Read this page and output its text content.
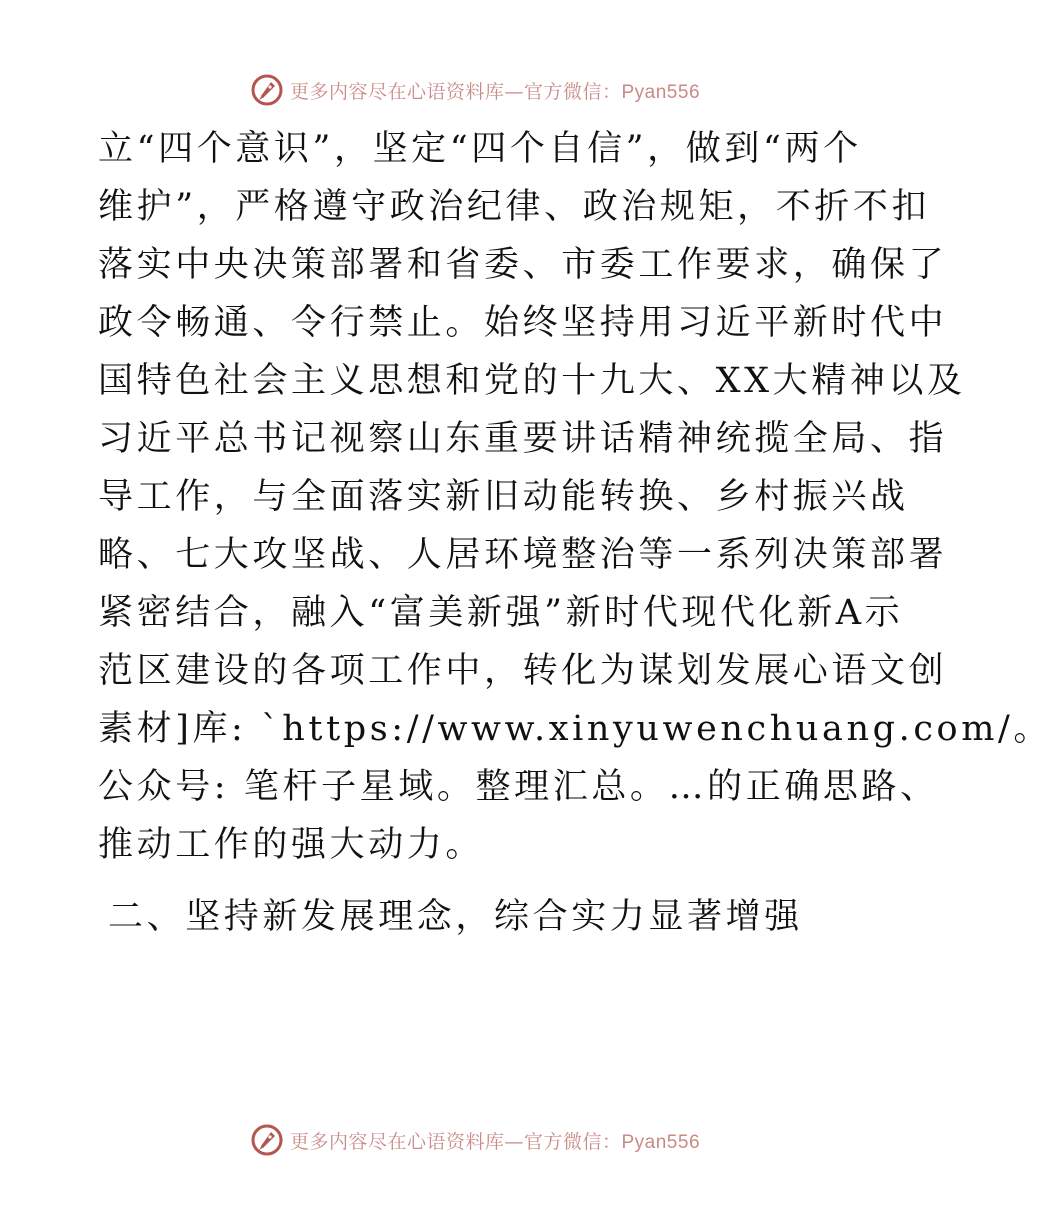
更多内容尽在心语资料库—官方微信：Pyan556
立“四个意识”，坚定“四个自信”，做到“两个
维护”，严格遵守政治纪律、政治规矩，不折不扣
落实中央决策部署和省委、市委工作要求，确保了
政令畅通、令行禁止。始终坚持用习近平新时代中
国特色社会主义思想和党的十九大、XX大精神以及
习近平总书记视察山东重要讲话精神统揽全局、指
导工作，与全面落实新旧动能转换、乡村振兴战
略、七大攻坚战、人居环境整治等一系列决策部署
紧密结合，融入“富美新强”新时代现代化新A示
范区建设的各项工作中，转化为谋划发展心语文创
素材]库: `https://www.xinyuwenchuang.com/。
公众号: 笔杆子星域。整理汇总。…的正确思路、
推动工作的强大动力。
二、坚持新发展理念，综合实力显著增强
更多内容尽在心语资料库—官方微信：Pyan556
